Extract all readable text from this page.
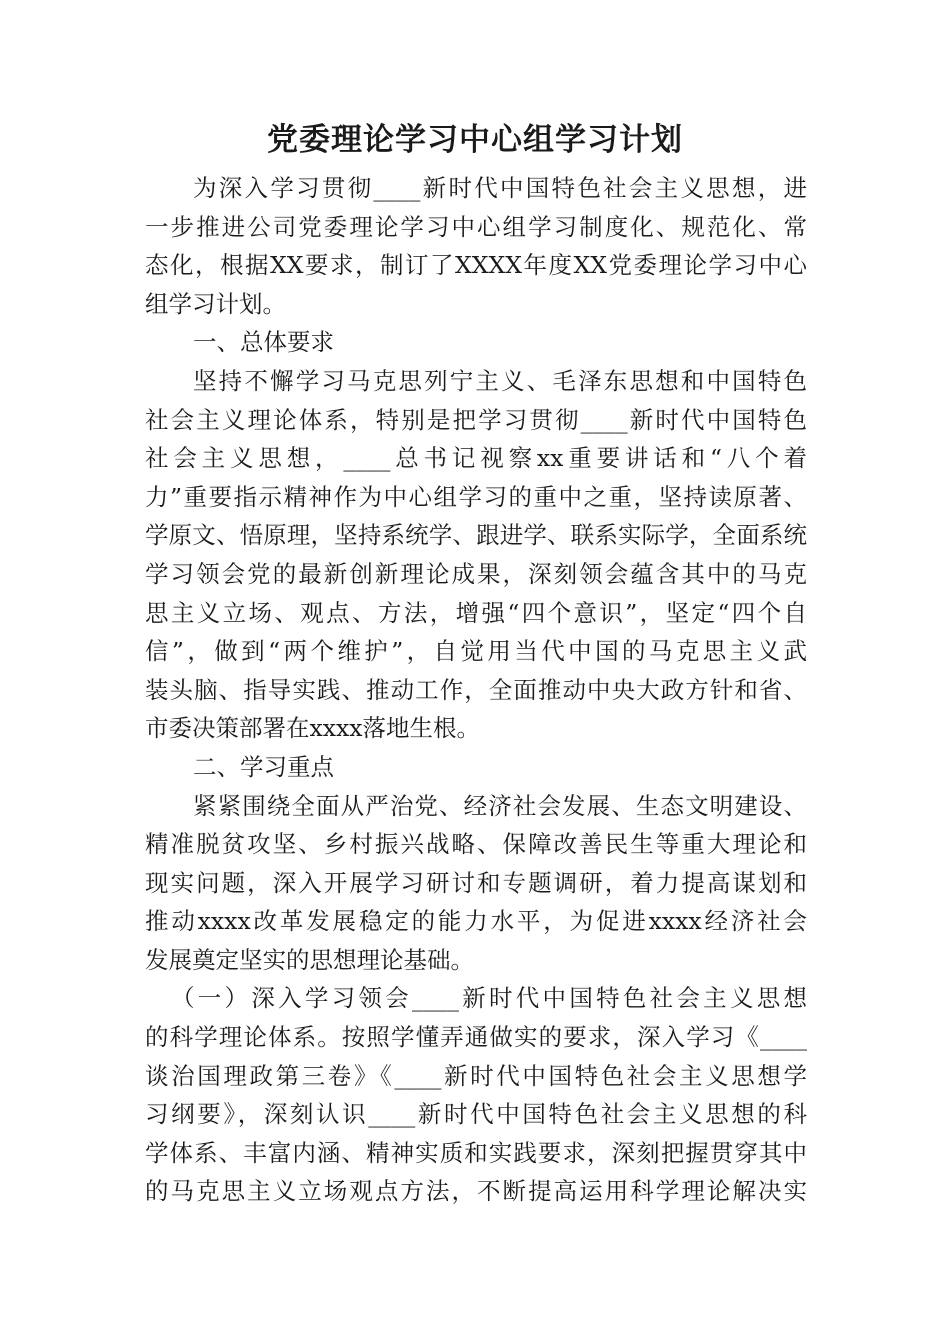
党委理论学习中心组学习计划
为深入学习贯彻____新时代中国特色社会主义思想，进
一步推进公司党委理论学习中心组学习制度化、规范化、常
态化，根据XX要求，制订了XXXX年度XX党委理论学习中心
组学习计划。
一、总体要求
坚持不懈学习马克思列宁主义、毛泽东思想和中国特色
社会主义理论体系，特别是把学习贯彻____新时代中国特色
社会主义思想，____总书记视察xx重要讲话和“八个着
力”重要指示精神作为中心组学习的重中之重，坚持读原著、
学原文、悟原理，坚持系统学、跟进学、联系实际学，全面系统
学习领会党的最新创新理论成果，深刻领会蕴含其中的马克
思主义立场、观点、方法，增强“四个意识”，坚定“四个自
信”，做到“两个维护”，自觉用当代中国的马克思主义武
装头脑、指导实践、推动工作，全面推动中央大政方针和省、
市委决策部署在xxxx落地生根。
二、学习重点
紧紧围绕全面从严治党、经济社会发展、生态文明建设、
精准脱贫攻坚、乡村振兴战略、保障改善民生等重大理论和
现实问题，深入开展学习研讨和专题调研，着力提高谋划和
推动xxxx改革发展稳定的能力水平，为促进xxxx经济社会
发展奠定坚实的思想理论基础。
（一）深入学习领会____新时代中国特色社会主义思想
的科学理论体系。按照学懂弄通做实的要求，深入学习《____
谈治国理政第三卷》《____新时代中国特色社会主义思想学
习纲要》，深刻认识____新时代中国特色社会主义思想的科
学体系、丰富内涵、精神实质和实践要求，深刻把握贯穿其中
的马克思主义立场观点方法，不断提高运用科学理论解决实
